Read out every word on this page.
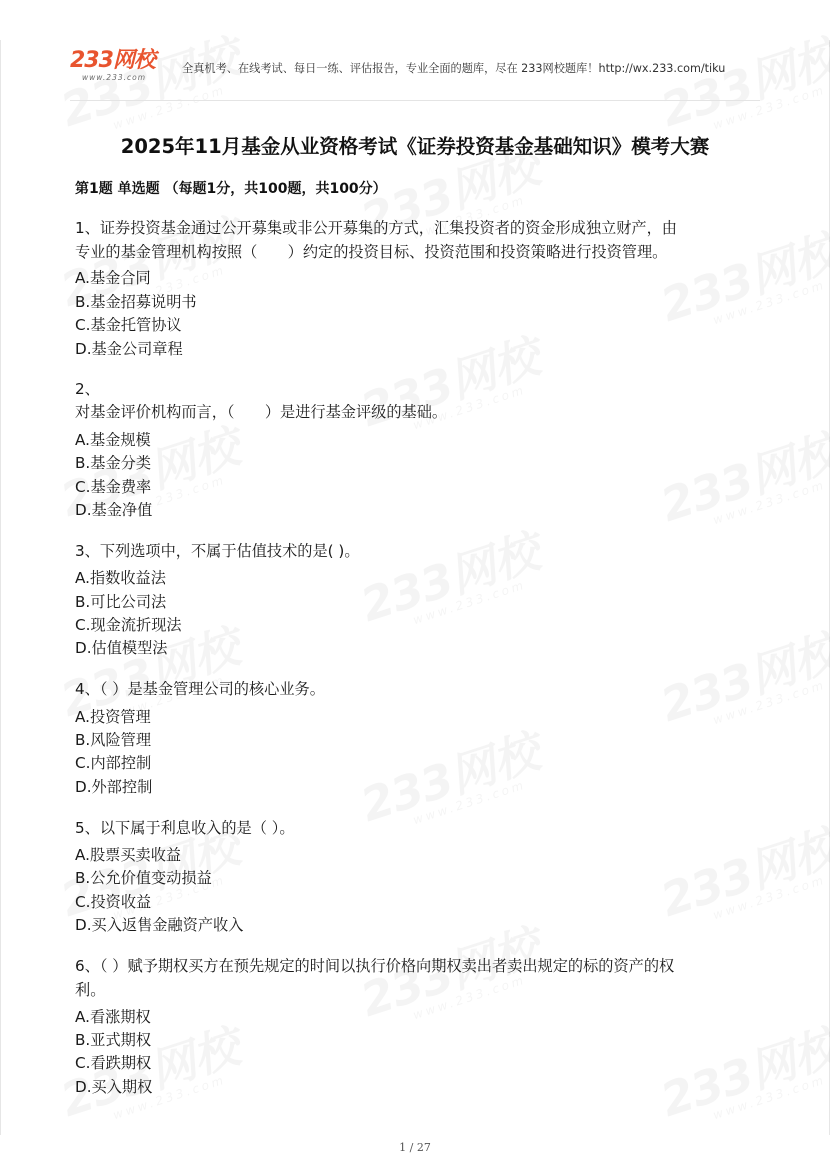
233网校
www.233.com
全真机考、在线考试、每日一练、评估报告，专业全面的题库，尽在 233网校题库！http://wx.233.com/tiku
2025年11月基金从业资格考试《证券投资基金基础知识》模考大赛
第1题 单选题 （每题1分，共100题，共100分）
1、证券投资基金通过公开募集或非公开募集的方式，汇集投资者的资金形成独立财产，由
专业的基金管理机构按照（　　）约定的投资目标、投资范围和投资策略进行投资管理。
A.基金合同
B.基金招募说明书
C.基金托管协议
D.基金公司章程
2、
对基金评价机构而言，（　　）是进行基金评级的基础。
A.基金规模
B.基金分类
C.基金费率
D.基金净值
3、下列选项中，不属于估值技术的是( )。
A.指数收益法
B.可比公司法
C.现金流折现法
D.估值模型法
4、（ ）是基金管理公司的核心业务。
A.投资管理
B.风险管理
C.内部控制
D.外部控制
5、以下属于利息收入的是（ ）。
A.股票买卖收益
B.公允价值变动损益
C.投资收益
D.买入返售金融资产收入
6、（ ）赋予期权买方在预先规定的时间以执行价格向期权卖出者卖出规定的标的资产的权
利。
A.看涨期权
B.亚式期权
C.看跌期权
D.买入期权
1 / 27
